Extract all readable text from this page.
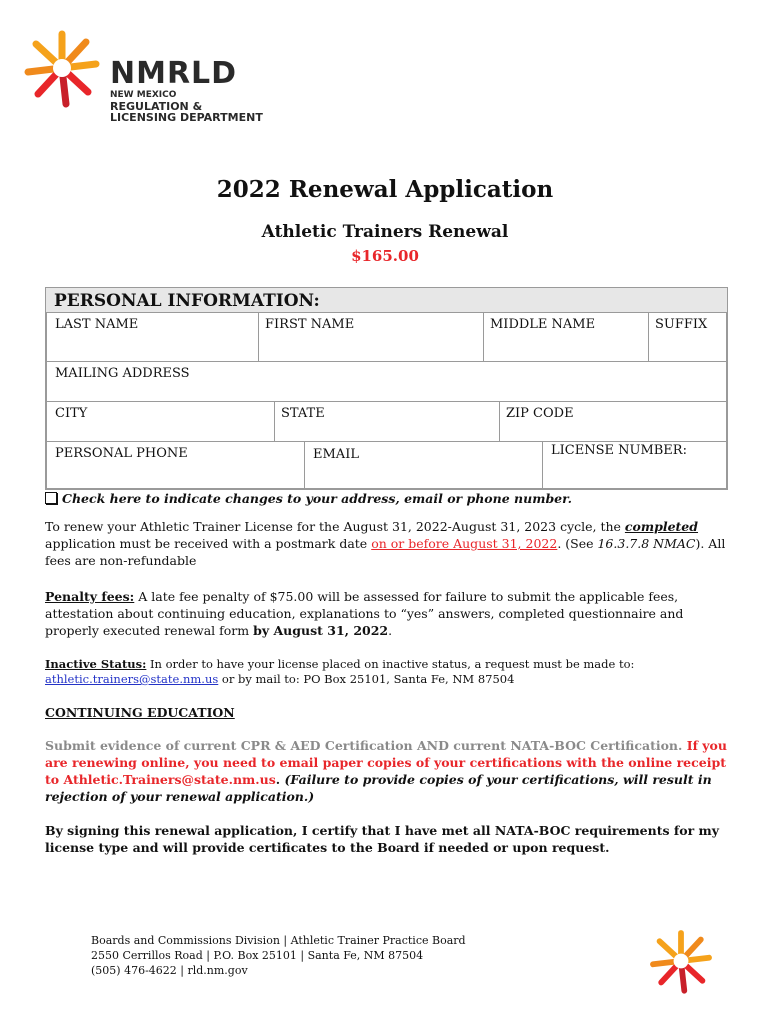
NMRLD
NEW MEXICO
REGULATION &
LICENSING DEPARTMENT
2022 Renewal Application
Athletic Trainers Renewal
$165.00
PERSONAL INFORMATION:
LAST NAME	FIRST NAME	MIDDLE NAME	SUFFIX
MAILING ADDRESS
CITY	STATE	ZIP CODE
PERSONAL PHONE	EMAIL	LICENSE NUMBER:
Check here to indicate changes to your address, email or phone number.
To renew your Athletic Trainer License for the August 31, 2022-August 31, 2023 cycle, the completed application must be received with a postmark date on or before August 31, 2022. (See 16.3.7.8 NMAC). All fees are non-refundable
Penalty fees: A late fee penalty of $75.00 will be assessed for failure to submit the applicable fees, attestation about continuing education, explanations to “yes” answers, completed questionnaire and properly executed renewal form by August 31, 2022.
Inactive Status: In order to have your license placed on inactive status, a request must be made to:
athletic.trainers@state.nm.us or by mail to: PO Box 25101, Santa Fe, NM 87504
CONTINUING EDUCATION
Submit evidence of current CPR & AED Certification AND current NATA-BOC Certification. If you are renewing online, you need to email paper copies of your certifications with the online receipt to Athletic.Trainers@state.nm.us. (Failure to provide copies of your certifications, will result in rejection of your renewal application.)
By signing this renewal application, I certify that I have met all NATA-BOC requirements for my license type and will provide certificates to the Board if needed or upon request.
Boards and Commissions Division | Athletic Trainer Practice Board
2550 Cerrillos Road | P.O. Box 25101 | Santa Fe, NM 87504
(505) 476-4622 | rld.nm.gov
